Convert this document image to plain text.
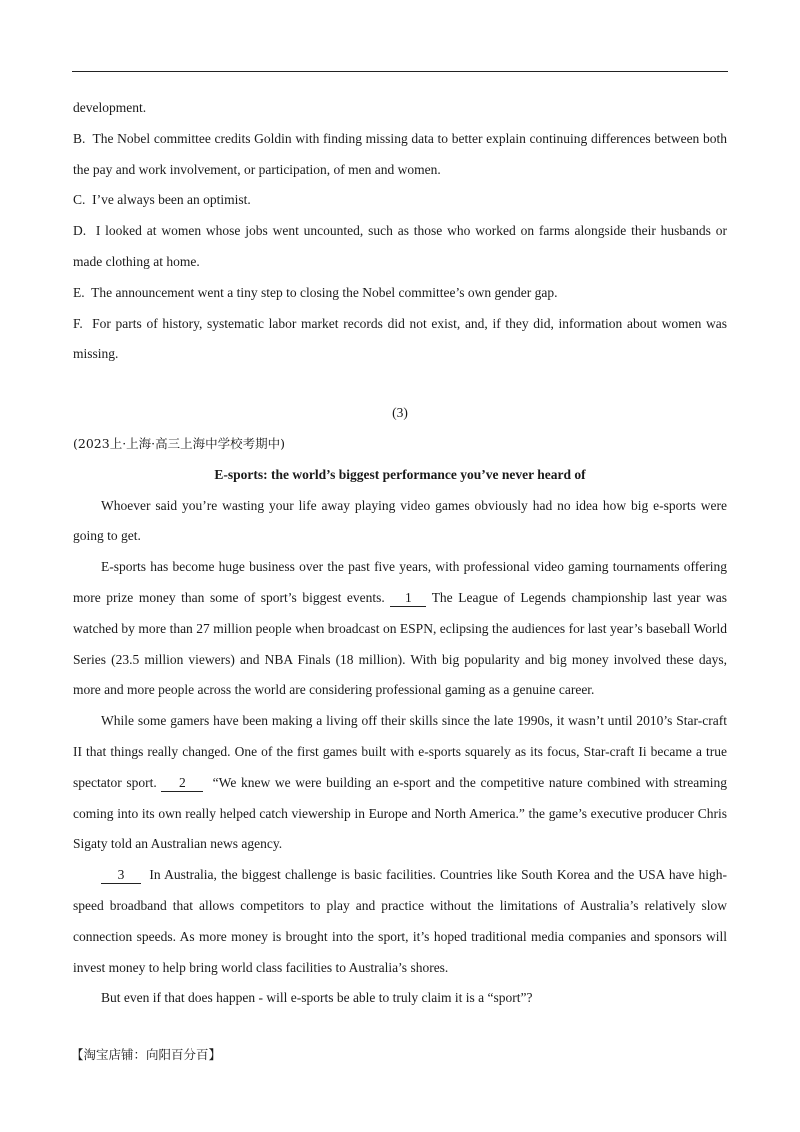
development.

B. The Nobel committee credits Goldin with finding missing data to better explain continuing differences between both the pay and work involvement, or participation, of men and women.

C. I’ve always been an optimist.

D. I looked at women whose jobs went uncounted, such as those who worked on farms alongside their husbands or made clothing at home.

E. The announcement went a tiny step to closing the Nobel committee’s own gender gap.

F. For parts of history, systematic labor market records did not exist, and, if they did, information about women was missing.

(3)

(2023上·上海·高三上海中学校考期中)

E-sports: the world’s biggest performance you’ve never heard of

Whoever said you’re wasting your life away playing video games obviously had no idea how big e-sports were going to get.

E-sports has become huge business over the past five years, with professional video gaming tournaments offering more prize money than some of sport’s biggest events. 1 The League of Legends championship last year was watched by more than 27 million people when broadcast on ESPN, eclipsing the audiences for last year’s baseball World Series (23.5 million viewers) and NBA Finals (18 million). With big popularity and big money involved these days, more and more people across the world are considering professional gaming as a genuine career.

While some gamers have been making a living off their skills since the late 1990s, it wasn’t until 2010’s Star-craft II that things really changed. One of the first games built with e-sports squarely as its focus, Star-craft Ii became a true spectator sport. 2 “We knew we were building an e-sport and the competitive nature combined with streaming coming into its own really helped catch viewership in Europe and North America.” the game’s executive producer Chris Sigaty told an Australian news agency.

3 In Australia, the biggest challenge is basic facilities. Countries like South Korea and the USA have high-speed broadband that allows competitors to play and practice without the limitations of Australia’s relatively slow connection speeds. As more money is brought into the sport, it’s hoped traditional media companies and sponsors will invest money to help bring world class facilities to Australia’s shores.

But even if that does happen - will e-sports be able to truly claim it is a “sport”?

【淘宝店铺：向阳百分百】
